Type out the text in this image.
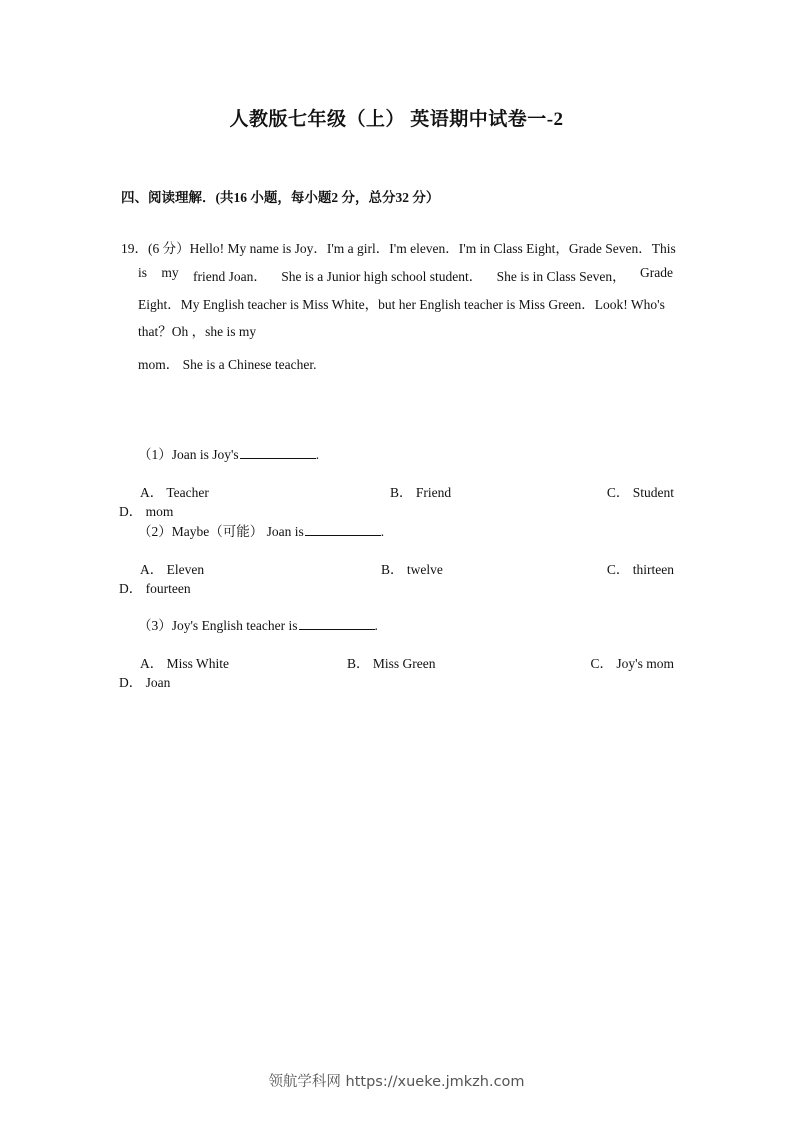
人教版七年级（上） 英语期中试卷一-2
四、阅读理解．(共16 小题，每小题2 分，总分32 分）
19．(6 分）Hello! My name is Joy．I'm a girl．I'm eleven．I'm in Class Eight，Grade Seven．This
is my friend Joan． She is a Junior high school student． She is in Class Seven， Grade
Eight．My English teacher is Miss White，but her English teacher is Miss Green．Look! Who's
that？Oh ，she is my
mom． She is a Chinese teacher.
（1）Joan is Joy's	.
A． Teacher	B． Friend	C． Student
D． mom
（2）Maybe（可能） Joan is	.
A． Eleven	B． twelve	C． thirteen
D． fourteen
（3）Joy's English teacher is	.
A． Miss White	B． Miss Green	C． Joy's mom
D． Joan
领航学科网 https://xueke.jmkzh.com
